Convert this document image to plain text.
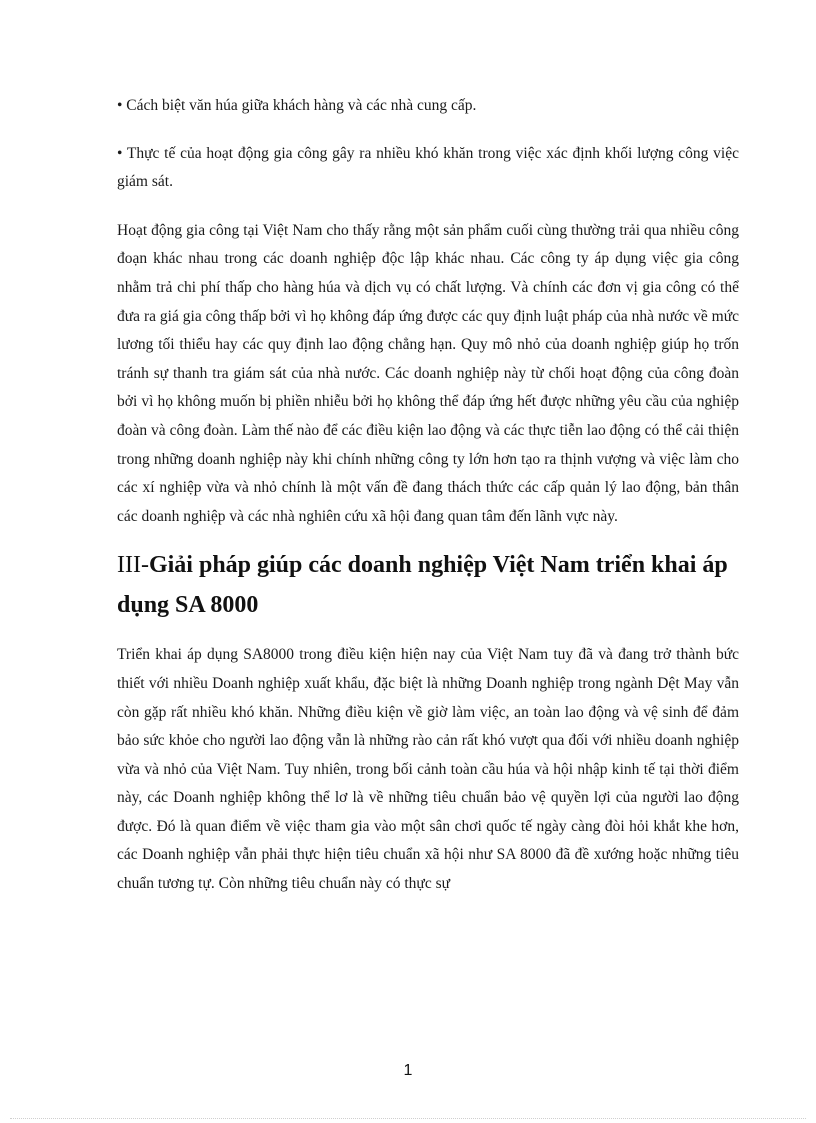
• Cách biệt văn húa giữa khách hàng và các nhà cung cấp.

• Thực tế của hoạt động gia công gây ra nhiều khó khăn trong việc xác định khối lượng công việc giám sát.

Hoạt động gia công tại Việt Nam cho thấy rằng một sản phẩm cuối cùng thường trải qua nhiều công đoạn khác nhau trong các doanh nghiệp độc lập khác nhau. Các công ty áp dụng việc gia công nhằm trả chi phí thấp cho hàng húa và dịch vụ có chất lượng. Và chính các đơn vị gia công có thể đưa ra giá gia công thấp bởi vì họ không đáp ứng được các quy định luật pháp của nhà nước về mức lương tối thiểu hay các quy định lao động chẳng hạn. Quy mô nhỏ của doanh nghiệp giúp họ trốn tránh sự thanh tra giám sát của nhà nước. Các doanh nghiệp này từ chối hoạt động của công đoàn bởi vì họ không muốn bị phiền nhiễu bởi họ không thể đáp ứng hết được những yêu cầu của nghiệp đoàn và công đoàn. Làm thế nào để các điều kiện lao động và các thực tiễn lao động có thể cải thiện trong những doanh nghiệp này khi chính những công ty lớn hơn tạo ra thịnh vượng và việc làm cho các xí nghiệp vừa và nhỏ chính là một vấn đề đang thách thức các cấp quản lý lao động, bản thân các doanh nghiệp và các nhà nghiên cứu xã hội đang quan tâm đến lãnh vực này.

III-Giải pháp giúp các doanh nghiệp Việt Nam triển khai áp dụng SA 8000

Triển khai áp dụng SA8000 trong điều kiện hiện nay của Việt Nam tuy đã và đang trở thành bức thiết với nhiều Doanh nghiệp xuất khẩu, đặc biệt là những Doanh nghiệp trong ngành Dệt May vẫn còn gặp rất nhiều khó khăn. Những điều kiện về giờ làm việc, an toàn lao động và vệ sinh để đảm bảo sức khỏe cho người lao động vẫn là những rào cản rất khó vượt qua đối với nhiều doanh nghiệp vừa và nhỏ của Việt Nam. Tuy nhiên, trong bối cảnh toàn cầu húa và hội nhập kinh tế tại thời điểm này, các Doanh nghiệp không thể lơ là về những tiêu chuẩn bảo vệ quyền lợi của người lao động được. Đó là quan điểm về việc tham gia vào một sân chơi quốc tế ngày càng đòi hỏi khắt khe hơn, các Doanh nghiệp vẫn phải thực hiện tiêu chuẩn xã hội như SA 8000 đã đề xướng hoặc những tiêu chuẩn tương tự. Còn những tiêu chuẩn này có thực sự

1
